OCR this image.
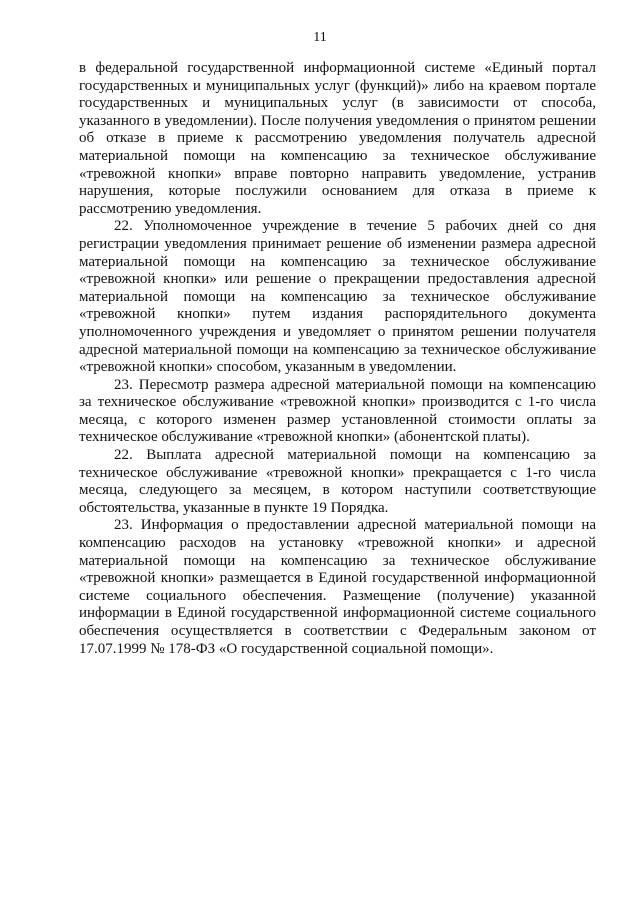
11

в федеральной государственной информационной системе «Единый портал государственных и муниципальных услуг (функций)» либо на краевом портале государственных и муниципальных услуг (в зависимости от способа, указанного в уведомлении). После получения уведомления о принятом решении об отказе в приеме к рассмотрению уведомления получатель адресной материальной помощи на компенсацию за техническое обслуживание «тревожной кнопки» вправе повторно направить уведомление, устранив нарушения, которые послужили основанием для отказа в приеме к рассмотрению уведомления.

22. Уполномоченное учреждение в течение 5 рабочих дней со дня регистрации уведомления принимает решение об изменении размера адресной материальной помощи на компенсацию за техническое обслуживание «тревожной кнопки» или решение о прекращении предоставления адресной материальной помощи на компенсацию за техническое обслуживание «тревожной кнопки» путем издания распорядительного документа уполномоченного учреждения и уведомляет о принятом решении получателя адресной материальной помощи на компенсацию за техническое обслуживание «тревожной кнопки» способом, указанным в уведомлении.

23. Пересмотр размера адресной материальной помощи на компенсацию за техническое обслуживание «тревожной кнопки» производится с 1-го числа месяца, с которого изменен размер установленной стоимости оплаты за техническое обслуживание «тревожной кнопки» (абонентской платы).

22. Выплата адресной материальной помощи на компенсацию за техническое обслуживание «тревожной кнопки» прекращается с 1-го числа месяца, следующего за месяцем, в котором наступили соответствующие обстоятельства, указанные в пункте 19 Порядка.

23. Информация о предоставлении адресной материальной помощи на компенсацию расходов на установку «тревожной кнопки» и адресной материальной помощи на компенсацию за техническое обслуживание «тревожной кнопки» размещается в Единой государственной информационной системе социального обеспечения. Размещение (получение) указанной информации в Единой государственной информационной системе социального обеспечения осуществляется в соответствии с Федеральным законом от 17.07.1999 № 178-ФЗ «О государственной социальной помощи».
